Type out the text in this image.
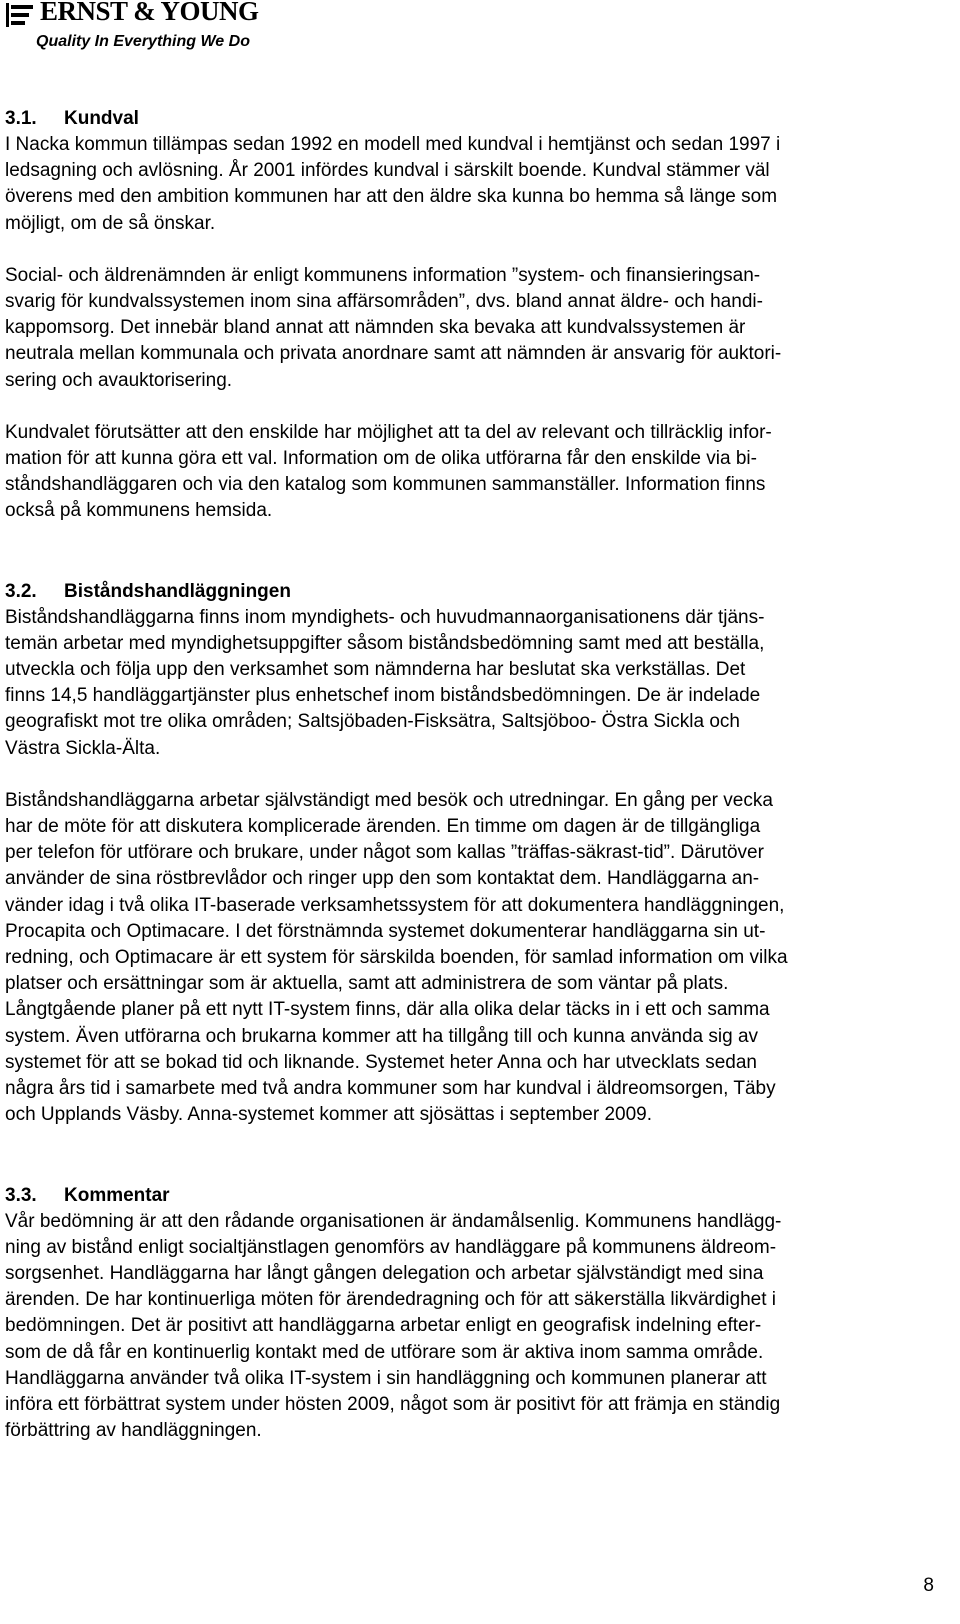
ERNST & YOUNG
Quality In Everything We Do
3.1. Kundval

I Nacka kommun tillämpas sedan 1992 en modell med kundval i hemtjänst och sedan 1997 i
ledsagning och avlösning. År 2001 infördes kundval i särskilt boende. Kundval stämmer väl
överens med den ambition kommunen har att den äldre ska kunna bo hemma så länge som
möjligt, om de så önskar.

Social- och äldrenämnden är enligt kommunens information ”system- och finansieringsan-
svarig för kundvalssystemen inom sina affärsområden”, dvs. bland annat äldre- och handi-
kappomsorg. Det innebär bland annat att nämnden ska bevaka att kundvalssystemen är
neutrala mellan kommunala och privata anordnare samt att nämnden är ansvarig för auktori-
sering och avauktorisering.

Kundvalet förutsätter att den enskilde har möjlighet att ta del av relevant och tillräcklig infor-
mation för att kunna göra ett val. Information om de olika utförarna får den enskilde via bi-
ståndshandläggaren och via den katalog som kommunen sammanställer. Information finns
också på kommunens hemsida.

3.2. Biståndshandläggningen

Biståndshandläggarna finns inom myndighets- och huvudmannaorganisationens där tjäns-
temän arbetar med myndighetsuppgifter såsom biståndsbedömning samt med att beställa,
utveckla och följa upp den verksamhet som nämnderna har beslutat ska verkställas. Det
finns 14,5 handläggartjänster plus enhetschef inom biståndsbedömningen. De är indelade
geografiskt mot tre olika områden; Saltsjöbaden-Fisksätra, Saltsjöboo- Östra Sickla och
Västra Sickla-Älta.

Biståndshandläggarna arbetar självständigt med besök och utredningar. En gång per vecka
har de möte för att diskutera komplicerade ärenden. En timme om dagen är de tillgängliga
per telefon för utförare och brukare, under något som kallas ”träffas-säkrast-tid”. Därutöver
använder de sina röstbrevlådor och ringer upp den som kontaktat dem. Handläggarna an-
vänder idag i två olika IT-baserade verksamhetssystem för att dokumentera handläggningen,
Procapita och Optimacare. I det förstnämnda systemet dokumenterar handläggarna sin ut-
redning, och Optimacare är ett system för särskilda boenden, för samlad information om vilka
platser och ersättningar som är aktuella, samt att administrera de som väntar på plats.
Långtgående planer på ett nytt IT-system finns, där alla olika delar täcks in i ett och samma
system. Även utförarna och brukarna kommer att ha tillgång till och kunna använda sig av
systemet för att se bokad tid och liknande. Systemet heter Anna och har utvecklats sedan
några års tid i samarbete med två andra kommuner som har kundval i äldreomsorgen, Täby
och Upplands Väsby. Anna-systemet kommer att sjösättas i september 2009.

3.3. Kommentar

Vår bedömning är att den rådande organisationen är ändamålsenlig. Kommunens handlägg-
ning av bistånd enligt socialtjänstlagen genomförs av handläggare på kommunens äldreom-
sorgsenhet. Handläggarna har långt gången delegation och arbetar självständigt med sina
ärenden. De har kontinuerliga möten för ärendedragning och för att säkerställa likvärdighet i
bedömningen. Det är positivt att handläggarna arbetar enligt en geografisk indelning efter-
som de då får en kontinuerlig kontakt med de utförare som är aktiva inom samma område.
Handläggarna använder två olika IT-system i sin handläggning och kommunen planerar att
införa ett förbättrat system under hösten 2009, något som är positivt för att främja en ständig
förbättring av handläggningen.

8
